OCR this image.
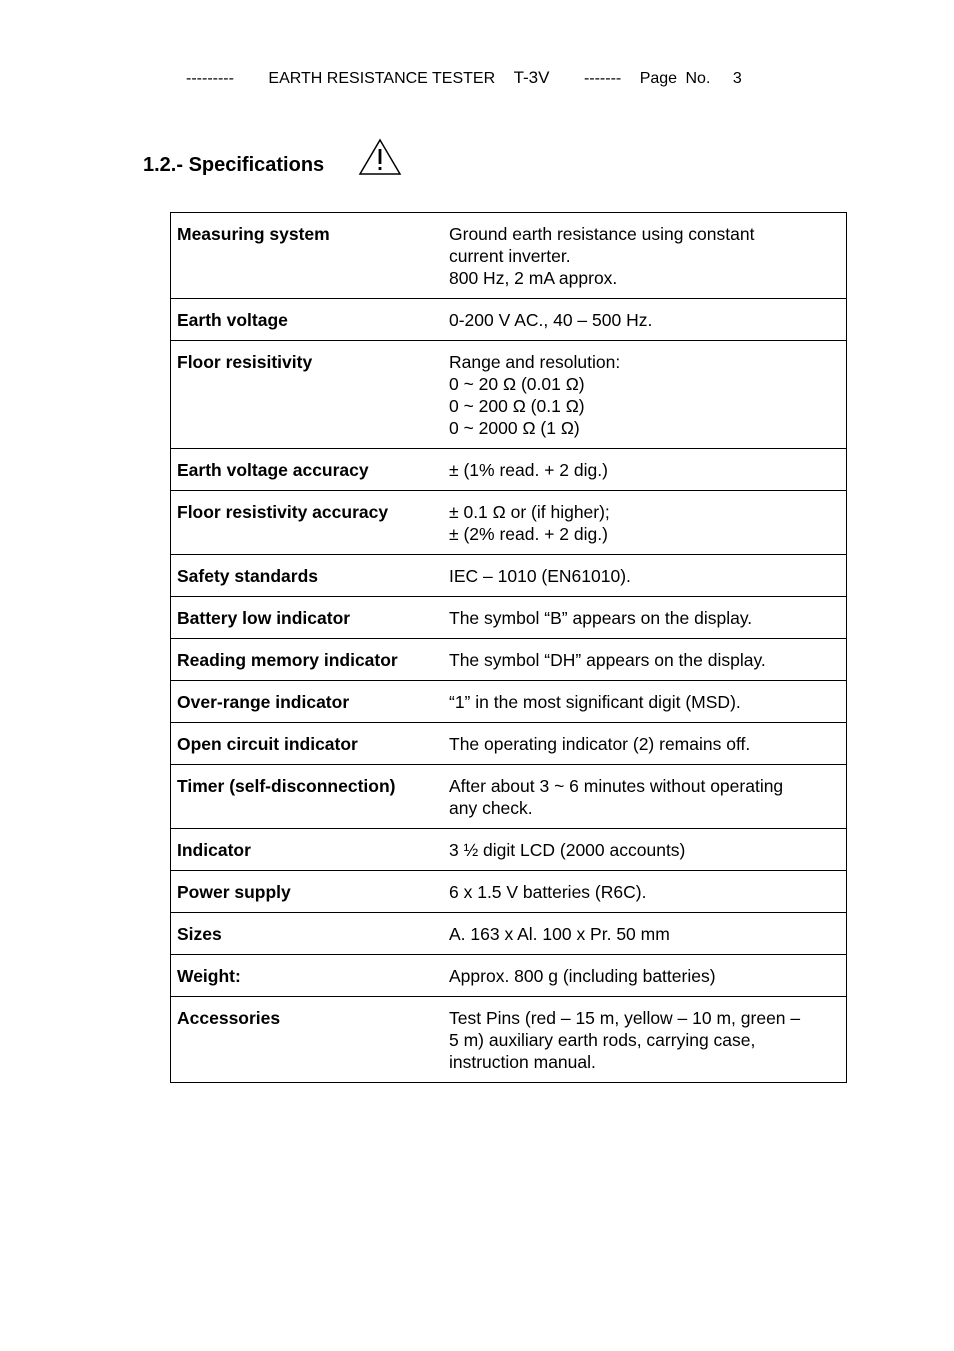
--------- EARTH RESISTANCE TESTER T-3V ------- Page No. 3
1.2.- Specifications
Measuring system	Ground earth resistance using constant
current inverter.
800 Hz, 2 mA approx.

Earth voltage	0-200 V AC., 40 – 500 Hz.

Floor resisitivity	Range and resolution:
0 ~ 20 Ω (0.01 Ω)
0 ~ 200 Ω (0.1 Ω)
0 ~ 2000 Ω (1 Ω)

Earth voltage accuracy	± (1% read. + 2 dig.)

Floor resistivity accuracy	± 0.1 Ω or (if higher);
± (2% read. + 2 dig.)

Safety standards	IEC – 1010 (EN61010).

Battery low indicator	The symbol “B” appears on the display.

Reading memory indicator	The symbol “DH” appears on the display.

Over-range indicator	“1” in the most significant digit (MSD).

Open circuit indicator	The operating indicator (2) remains off.

Timer (self-disconnection)	After about 3 ~ 6 minutes without operating
any check.

Indicator	3 ½ digit LCD (2000 accounts)

Power supply	6 x 1.5 V batteries (R6C).

Sizes	A. 163 x Al. 100 x Pr. 50 mm

Weight:	Approx. 800 g (including batteries)

Accessories	Test Pins (red – 15 m, yellow – 10 m, green –
5 m) auxiliary earth rods, carrying case,
instruction manual.
